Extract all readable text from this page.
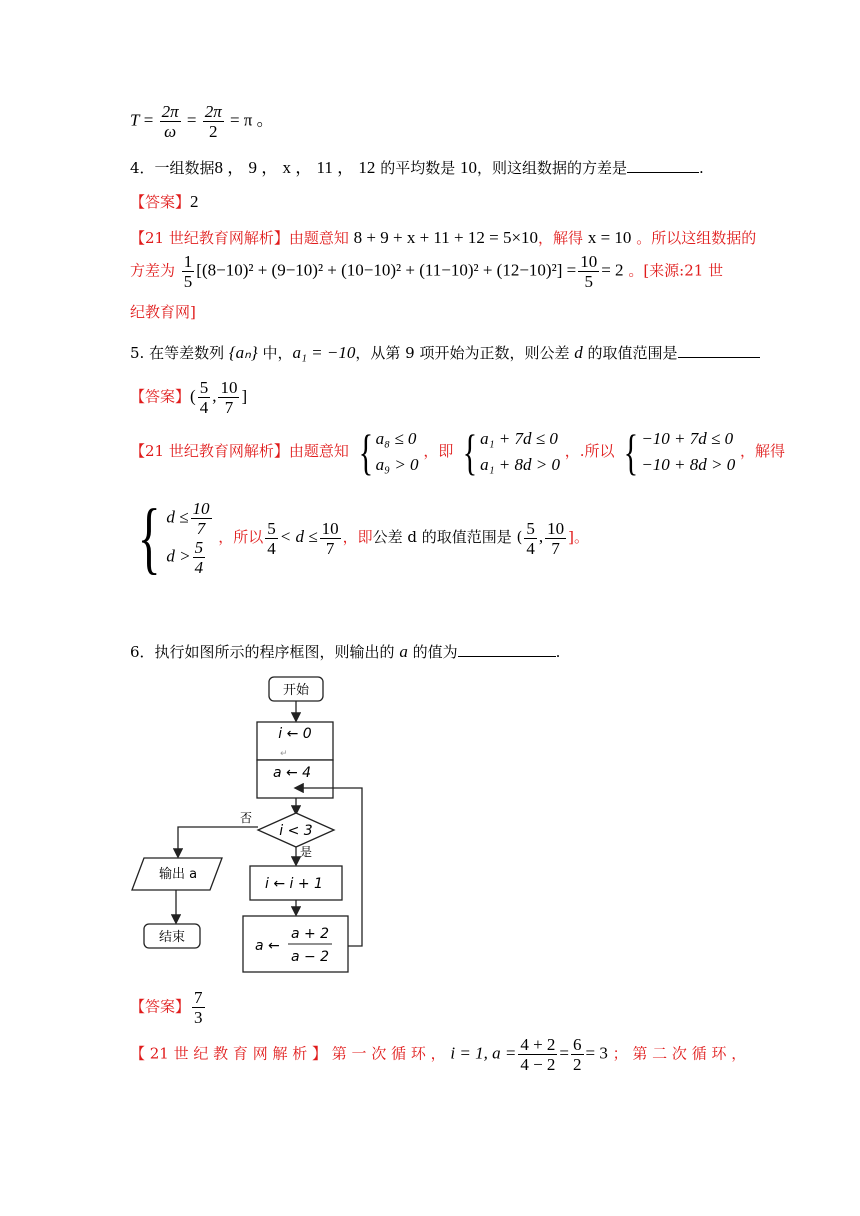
$T = \frac{2\pi}{\omega} = \frac{2\pi}{2} = \pi$ 。
4．一组数据8 ， 9 ， x ， 11 ， 12 的平均数是 10，则这组数据的方差是	.
【答案】2
【21 世纪教育网解析】由题意知 8 + 9 + x + 11 + 12 = 5×10，解得 x = 10 。所以这组数据的
方差为 $\frac{1}{5} [(8-10)^2 + (9-10)^2 + (10-10)^2 + (11-10)^2 + (12-10)^2] = \frac{10}{5} = 2$ 。[来源:21 世
纪教育网]
5. 在等差数列 {aₙ} 中，a₁ = −10，从第 9 项开始为正数，则公差 d 的取值范围是
【答案】( $\frac{5}{4}$ , $\frac{10}{7}$ ]
【21 世纪教育网解析】由题意知 { a₈ ≤ 0
a₉ > 0
，即 { a₁ + 7d ≤ 0
a₁ + 8d > 0
，.所以 { −10 + 7d ≤ 0
−10 + 8d > 0
，解得
{ $d \le \frac{10}{7}$
$d > \frac{5}{4}$
，所以 $\frac{5}{4} < d \le \frac{10}{7}$ ，即公差 d 的取值范围是 ( $\frac{5}{4}$ , $\frac{10}{7}$ ]。
6．执行如图所示的程序框图，则输出的 a 的值为	.
开始
i ← 0
↵
a ← 4
i < 3
否
是
i ← i + 1
a ←
a + 2
a − 2
输出 a
结束
【答案】 $\frac{7}{3}$
【 21 世 纪 教 育 网 解 析 】 第 一 次 循 环 ， i = 1, $a = \frac{4 + 2}{4 - 2} = \frac{6}{2} = 3$ ； 第 二 次 循 环 ，
